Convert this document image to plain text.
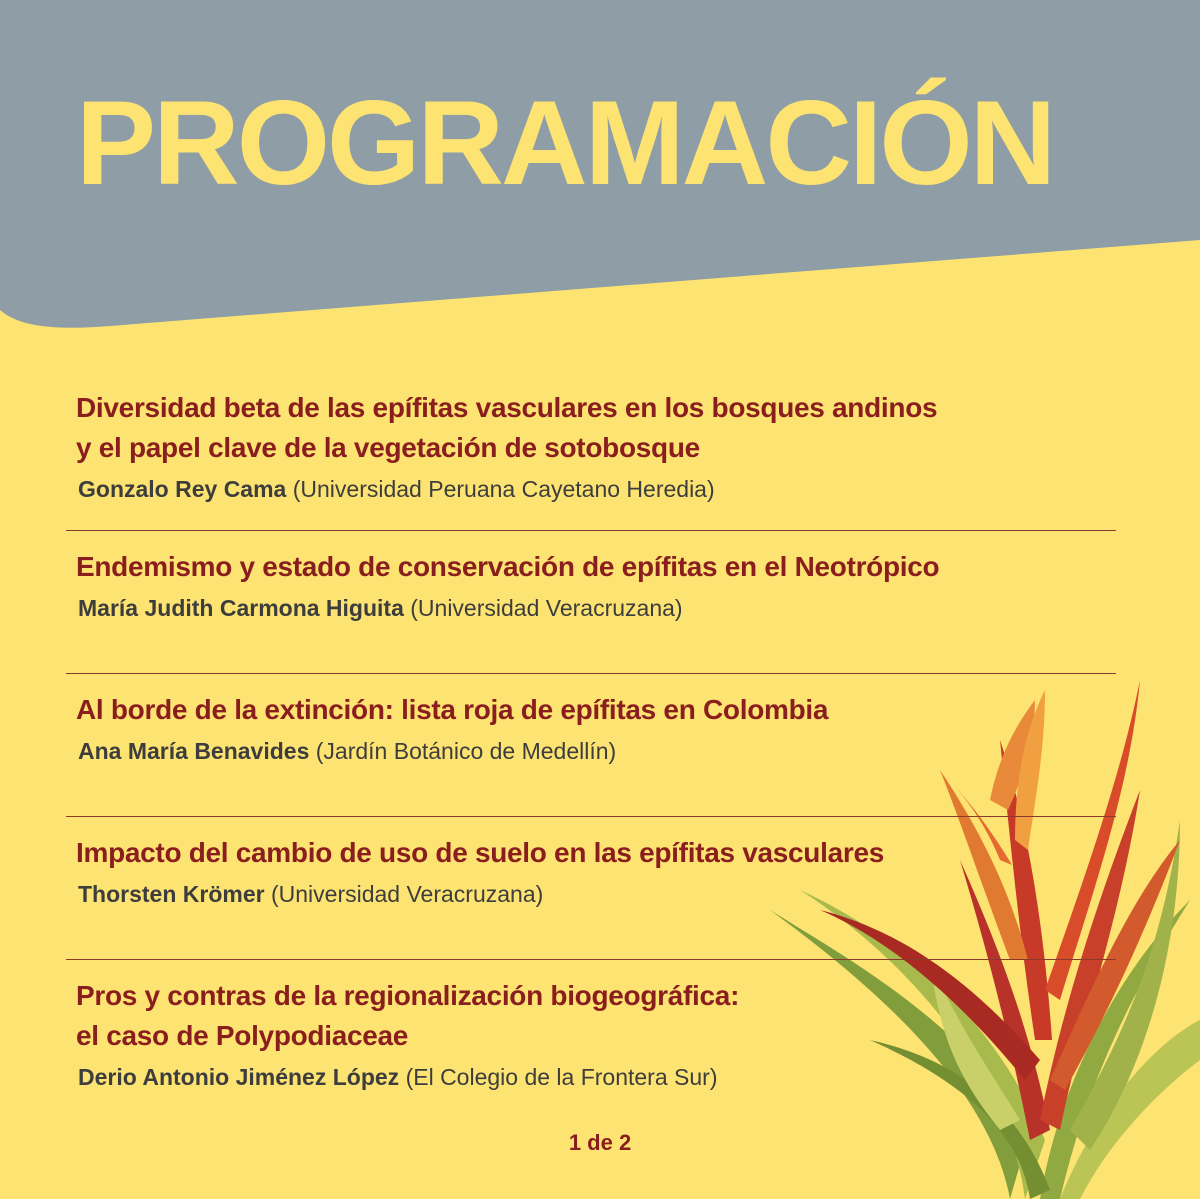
PROGRAMACIÓN
Diversidad beta de las epífitas vasculares en los bosques andinos
y el papel clave de la vegetación de sotobosque
Gonzalo Rey Cama (Universidad Peruana Cayetano Heredia)
Endemismo y estado de conservación de epífitas en el Neotrópico
María Judith Carmona Higuita (Universidad Veracruzana)
Al borde de la extinción: lista roja de epífitas en Colombia
Ana María Benavides (Jardín Botánico de Medellín)
Impacto del cambio de uso de suelo en las epífitas vasculares
Thorsten Krömer (Universidad Veracruzana)
Pros y contras de la regionalización biogeográfica:
el caso de Polypodiaceae
Derio Antonio Jiménez López (El Colegio de la Frontera Sur)
1 de 2
